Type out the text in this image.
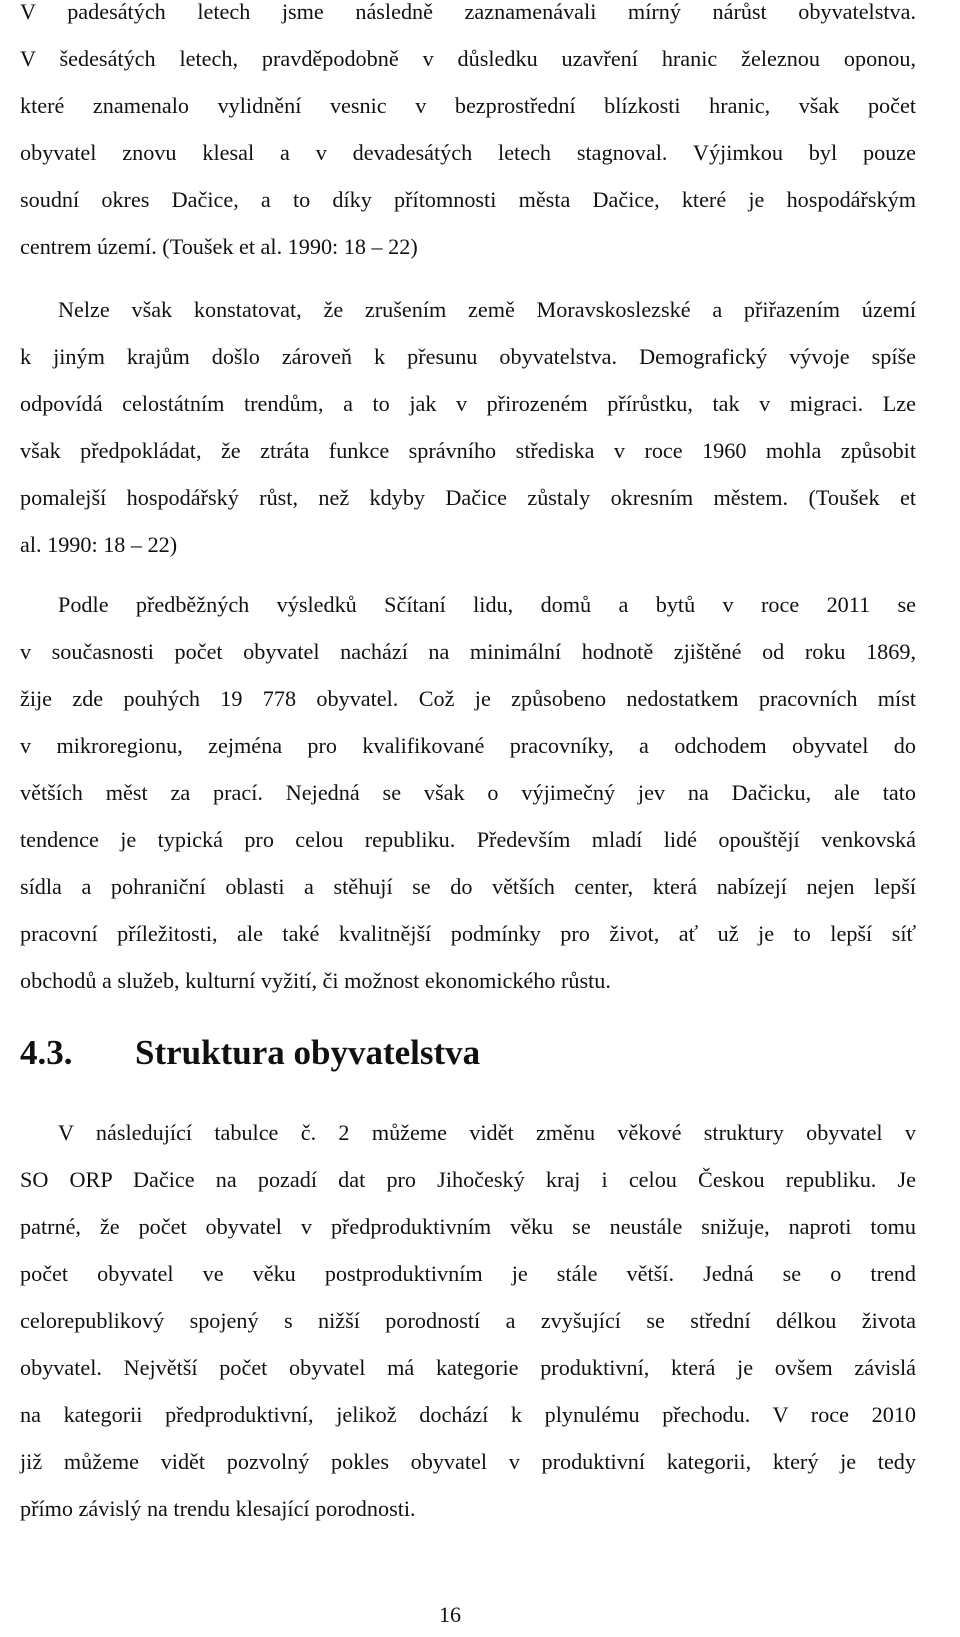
V padesátých letech jsme následně zaznamenávali mírný nárůst obyvatelstva.
V šedesátých letech, pravděpodobně v důsledku uzavření hranic železnou oponou,
které znamenalo vylidnění vesnic v bezprostřední blízkosti hranic, však počet
obyvatel znovu klesal a v devadesátých letech stagnoval. Výjimkou byl pouze
soudní okres Dačice, a to díky přítomnosti města Dačice, které je hospodářským
centrem území. (Toušek et al. 1990: 18 – 22)
Nelze však konstatovat, že zrušením země Moravskoslezské a přiřazením území
k jiným krajům došlo zároveň k přesunu obyvatelstva. Demografický vývoje spíše
odpovídá celostátním trendům, a to jak v přirozeném přírůstku, tak v migraci. Lze
však předpokládat, že ztráta funkce správního střediska v roce 1960 mohla způsobit
pomalejší hospodářský růst, než kdyby Dačice zůstaly okresním městem. (Toušek et
al. 1990: 18 – 22)
Podle předběžných výsledků Sčítaní lidu, domů a bytů v roce 2011 se
v současnosti počet obyvatel nachází na minimální hodnotě zjištěné od roku 1869,
žije zde pouhých 19 778 obyvatel. Což je způsobeno nedostatkem pracovních míst
v mikroregionu, zejména pro kvalifikované pracovníky, a odchodem obyvatel do
větších měst za prací. Nejedná se však o výjimečný jev na Dačicku, ale tato
tendence je typická pro celou republiku. Především mladí lidé opouštějí venkovská
sídla a pohraniční oblasti a stěhují se do větších center, která nabízejí nejen lepší
pracovní příležitosti, ale také kvalitnější podmínky pro život, ať už je to lepší síť
obchodů a služeb, kulturní vyžití, či možnost ekonomického růstu.
4.3. Struktura obyvatelstva
V následující tabulce č. 2 můžeme vidět změnu věkové struktury obyvatel v
SO ORP Dačice na pozadí dat pro Jihočeský kraj i celou Českou republiku. Je
patrné, že počet obyvatel v předproduktivním věku se neustále snižuje, naproti tomu
počet obyvatel ve věku postproduktivním je stále větší. Jedná se o trend
celorepublikový spojený s nižší porodností a zvyšující se střední délkou života
obyvatel. Největší počet obyvatel má kategorie produktivní, která je ovšem závislá
na kategorii předproduktivní, jelikož dochází k plynulému přechodu. V roce 2010
již můžeme vidět pozvolný pokles obyvatel v produktivní kategorii, který je tedy
přímo závislý na trendu klesající porodnosti.
16
